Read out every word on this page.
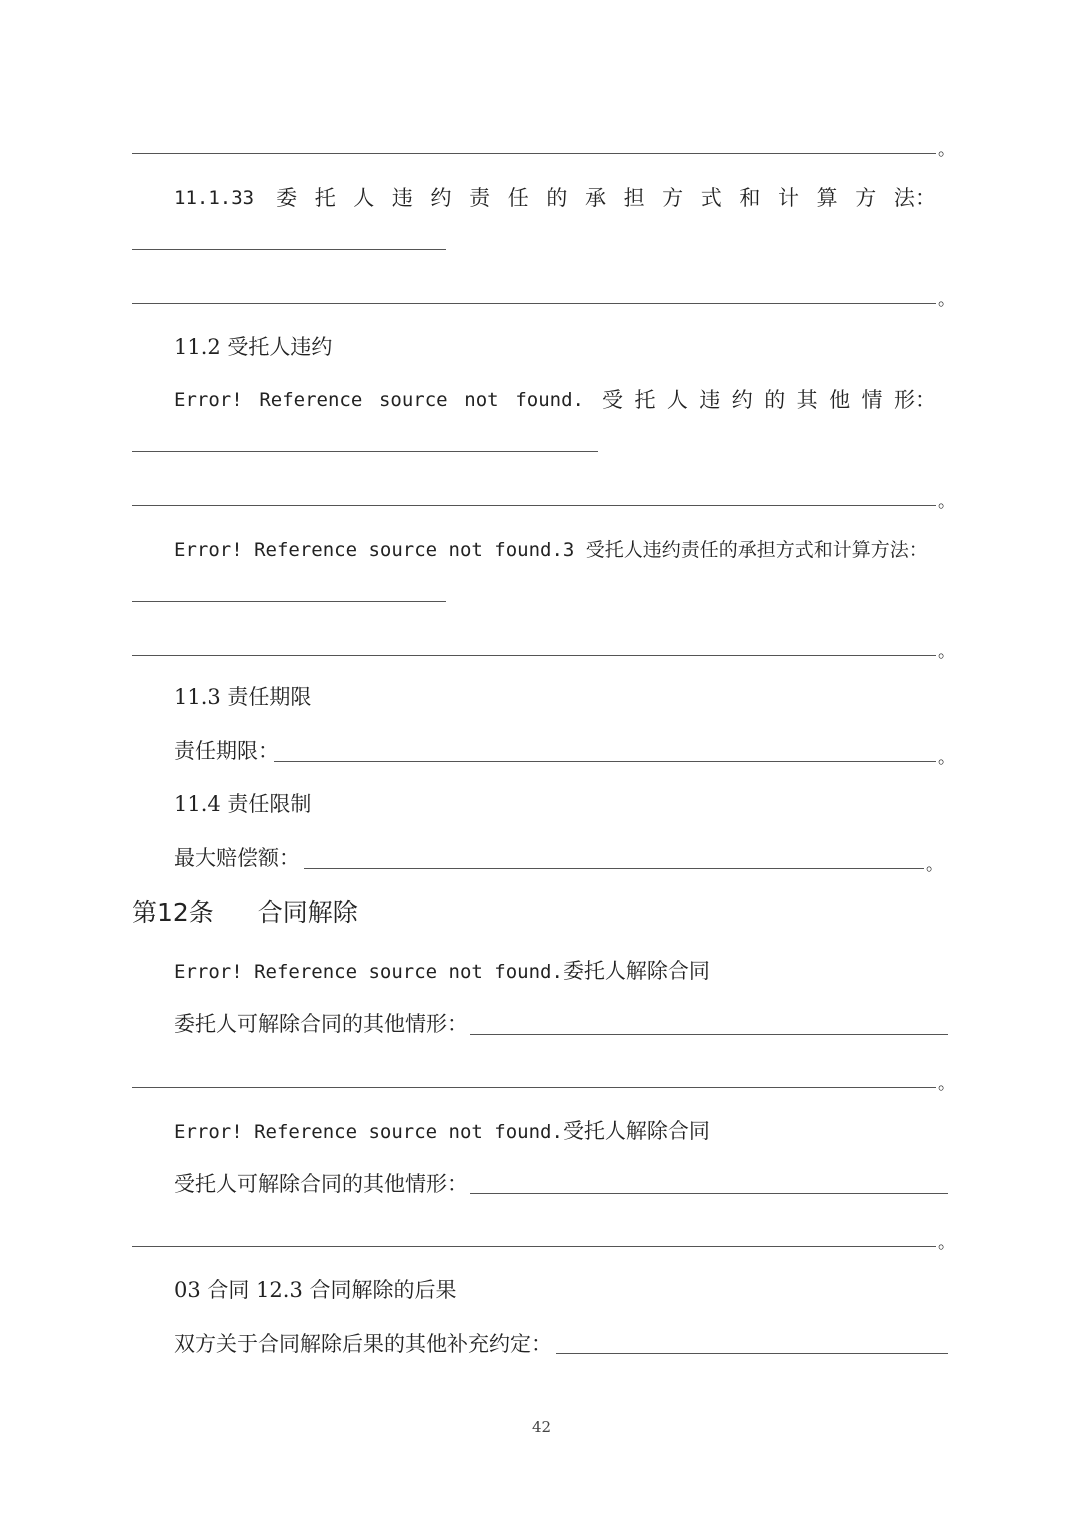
。
11.1.33 委 托 人 违 约 责 任 的 承 担 方 式 和 计 算 方 法 ：
。
11.2 受托人违约
Error! Reference source not found. 受 托 人 违 约 的 其 他 情 形 ：
。
Error! Reference source not found.3 受托人违约责任的承担方式和计算方法：
。
11.3 责任期限
责任期限：	。
11.4 责任限制
最大赔偿额：	。
第12条 合同解除
Error! Reference source not found.委托人解除合同
委托人可解除合同的其他情形：
。
Error! Reference source not found.受托人解除合同
受托人可解除合同的其他情形：
。
03 合同 12.3 合同解除的后果
双方关于合同解除后果的其他补充约定：
42
